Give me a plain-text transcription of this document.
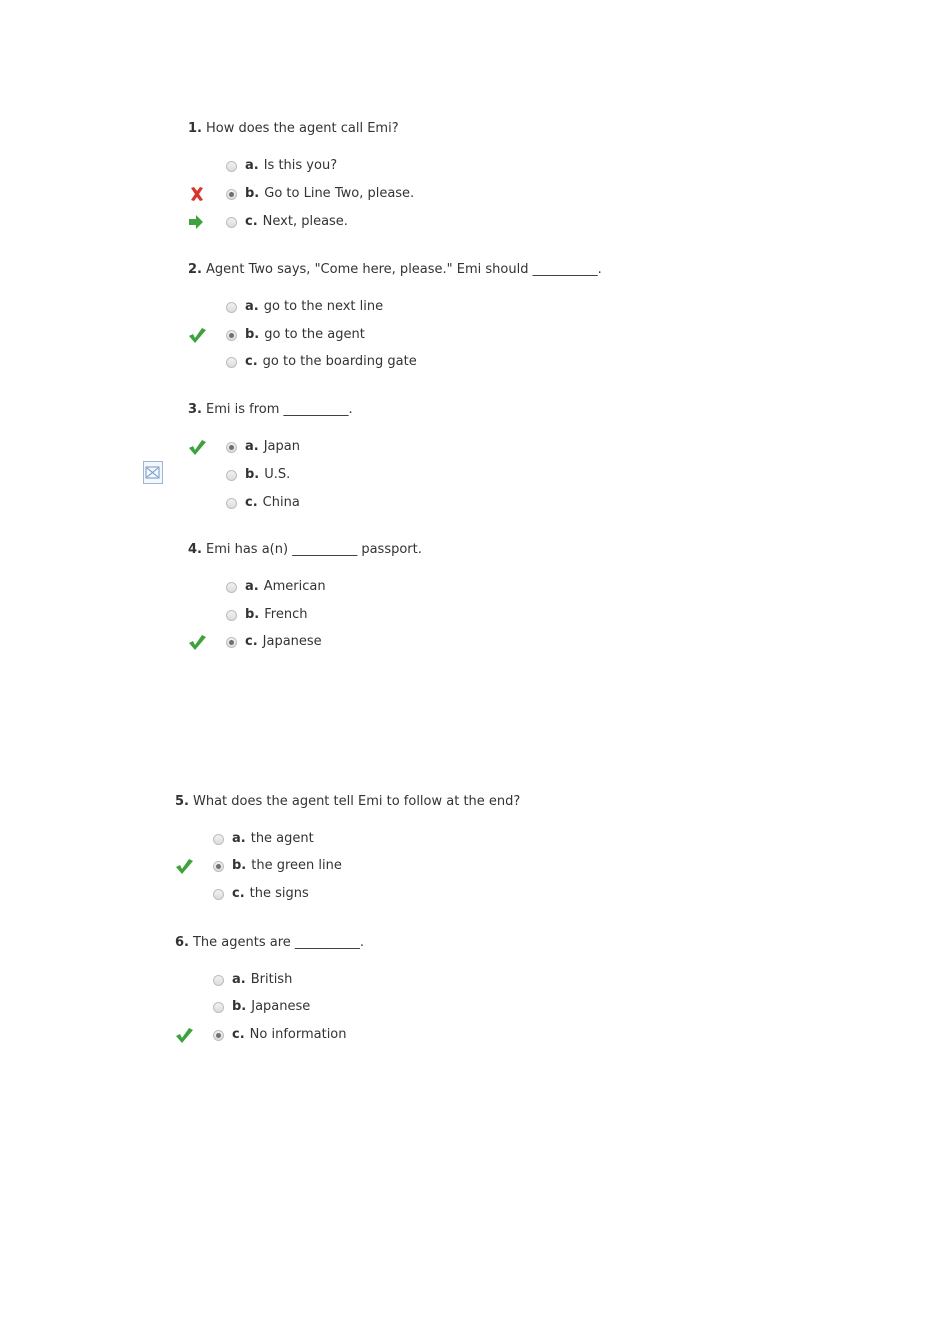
1. How does the agent call Emi?
a. Is this you?
b. Go to Line Two, please.
c. Next, please.
2. Agent Two says, "Come here, please." Emi should __________.
a. go to the next line
b. go to the agent
c. go to the boarding gate
3. Emi is from __________.
a. Japan
b. U.S.
c. China
4. Emi has a(n) __________ passport.
a. American
b. French
c. Japanese
5. What does the agent tell Emi to follow at the end?
a. the agent
b. the green line
c. the signs
6. The agents are __________.
a. British
b. Japanese
c. No information
